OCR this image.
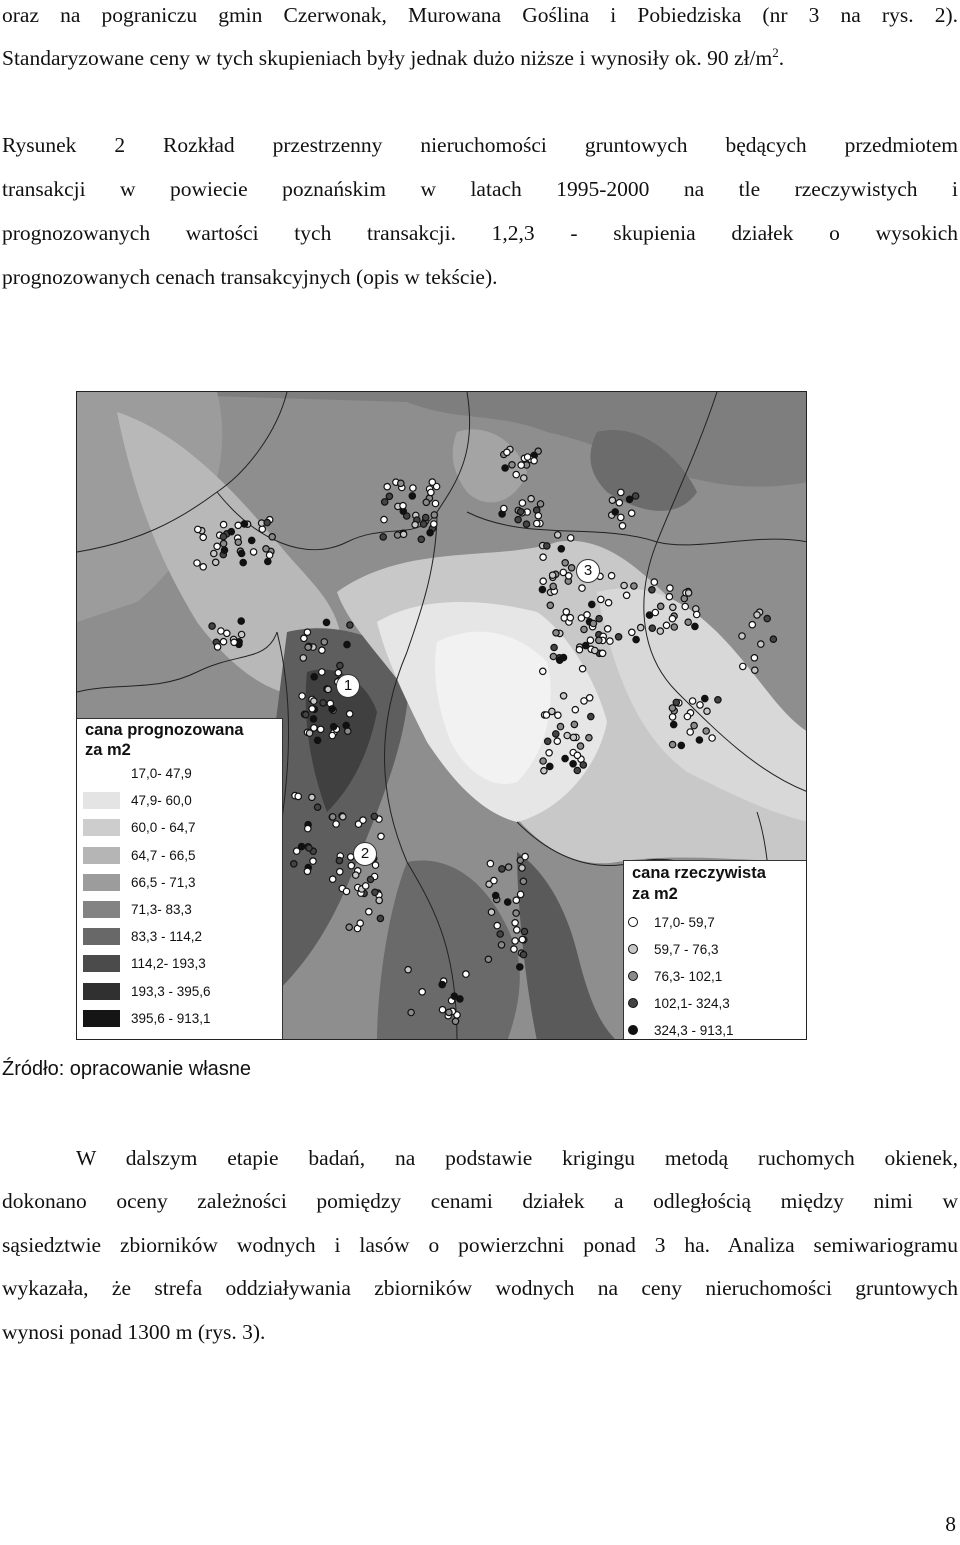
oraz na pograniczu gmin Czerwonak, Murowana Goślina i Pobiedziska (nr 3 na rys. 2).
Standaryzowane ceny w tych skupieniach były jednak dużo niższe i wynosiły ok. 90 $zł/m^2$.
Rysunek 2 Rozkład przestrzenny nieruchomości gruntowych będących przedmiotem
transakcji w powiecie poznańskim w latach 1995-2000 na tle rzeczywistych i
prognozowanych wartości tych transakcji. 1,2,3 - skupienia działek o wysokich
prognozowanych cenach transakcyjnych (opis w tekście).
1
2
3
cana prognozowana
za m2
17,0- 47,9
47,9- 60,0
60,0 - 64,7
64,7 - 66,5
66,5 - 71,3
71,3- 83,3
83,3 - 114,2
114,2- 193,3
193,3 - 395,6
395,6 - 913,1
cana rzeczywista
za m2
17,0- 59,7
59,7 - 76,3
76,3- 102,1
102,1- 324,3
324,3 - 913,1
Źródło: opracowanie własne
W dalszym etapie badań, na podstawie krigingu metodą ruchomych okienek,
dokonano oceny zależności pomiędzy cenami działek a odległością między nimi w
sąsiedztwie zbiorników wodnych i lasów o powierzchni ponad 3 ha. Analiza semiwariogramu
wykazała, że strefa oddziaływania zbiorników wodnych na ceny nieruchomości gruntowych
wynosi ponad 1300 m (rys. 3).
8
